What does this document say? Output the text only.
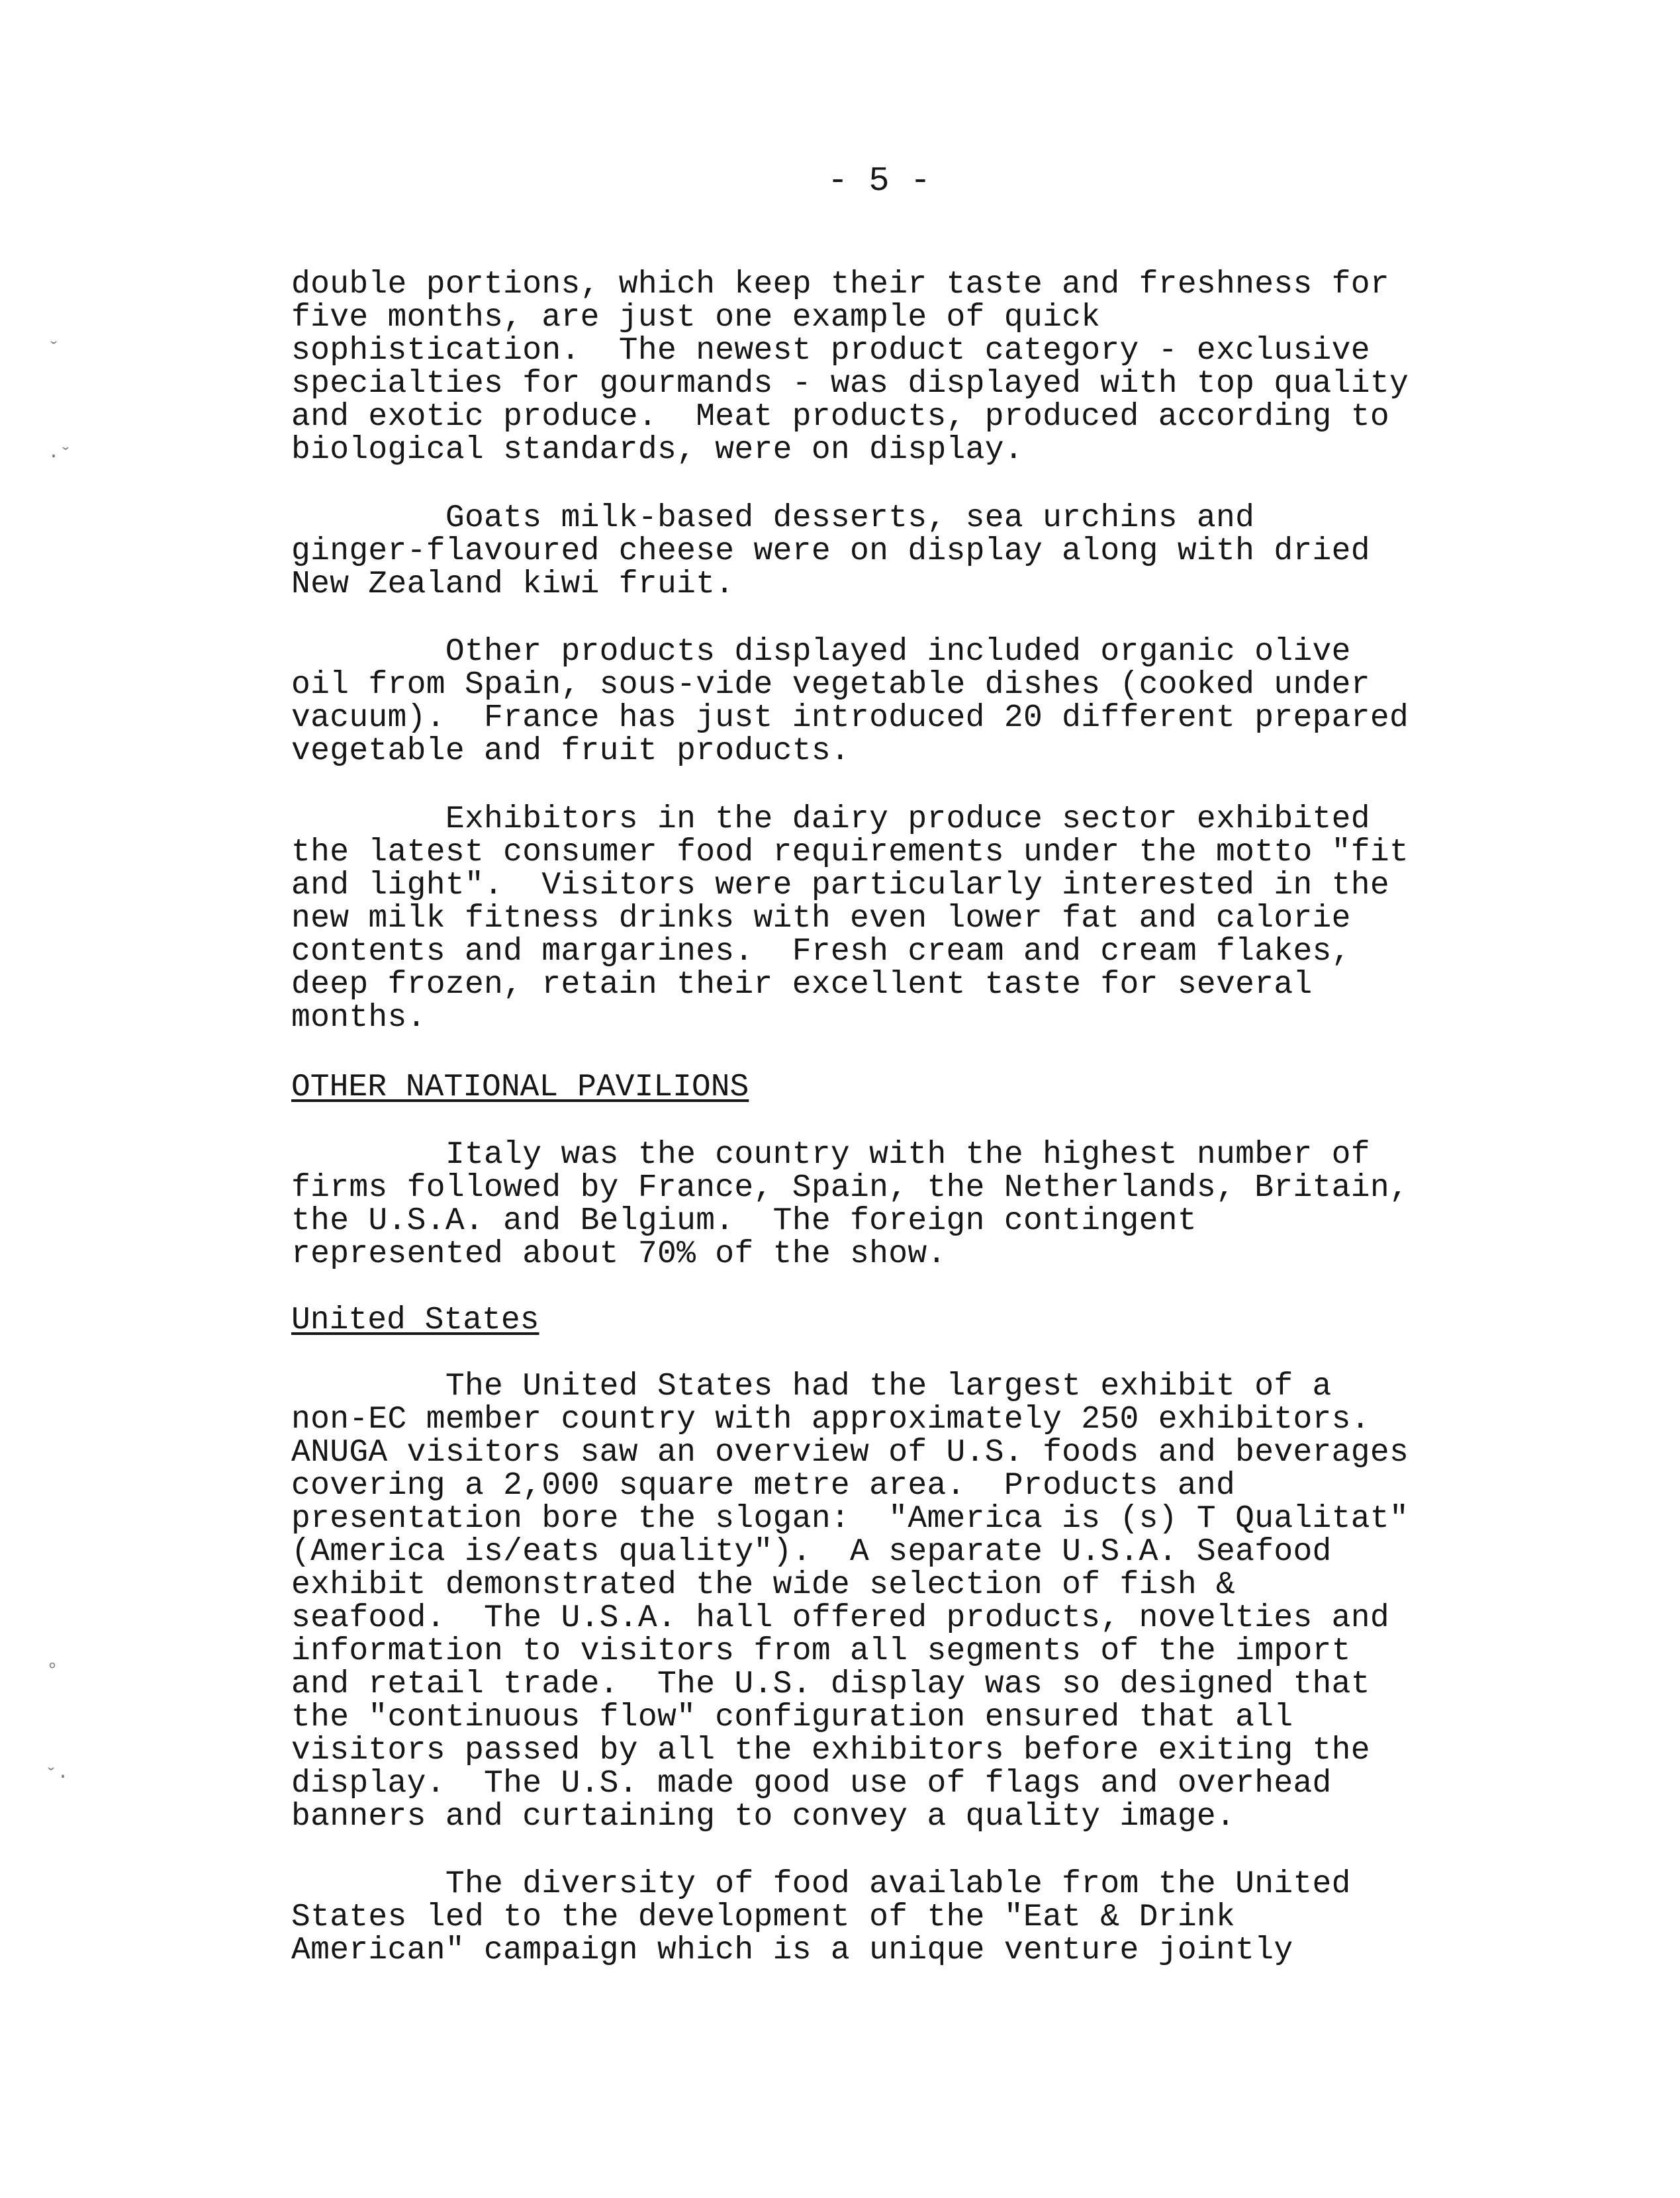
- 5 -
double portions, which keep their taste and freshness for
five months, are just one example of quick
sophistication.  The newest product category - exclusive
specialties for gourmands - was displayed with top quality
and exotic produce.  Meat products, produced according to
biological standards, were on display.
Goats milk-based desserts, sea urchins and
ginger-flavoured cheese were on display along with dried
New Zealand kiwi fruit.
Other products displayed included organic olive
oil from Spain, sous-vide vegetable dishes (cooked under
vacuum).  France has just introduced 20 different prepared
vegetable and fruit products.
Exhibitors in the dairy produce sector exhibited
the latest consumer food requirements under the motto "fit
and light".  Visitors were particularly interested in the
new milk fitness drinks with even lower fat and calorie
contents and margarines.  Fresh cream and cream flakes,
deep frozen, retain their excellent taste for several
months.
OTHER NATIONAL PAVILIONS
Italy was the country with the highest number of
firms followed by France, Spain, the Netherlands, Britain,
the U.S.A. and Belgium.  The foreign contingent
represented about 70% of the show.
United States
The United States had the largest exhibit of a
non-EC member country with approximately 250 exhibitors.
ANUGA visitors saw an overview of U.S. foods and beverages
covering a 2,000 square metre area.  Products and
presentation bore the slogan:  "America is (s) T Qualitat"
(America is/eats quality").  A separate U.S.A. Seafood
exhibit demonstrated the wide selection of fish &
seafood.  The U.S.A. hall offered products, novelties and
information to visitors from all segments of the import
and retail trade.  The U.S. display was so designed that
the "continuous flow" configuration ensured that all
visitors passed by all the exhibitors before exiting the
display.  The U.S. made good use of flags and overhead
banners and curtaining to convey a quality image.
The diversity of food available from the United
States led to the development of the "Eat & Drink
American" campaign which is a unique venture jointly
ˇ
·ˇ
°
ˇ·
